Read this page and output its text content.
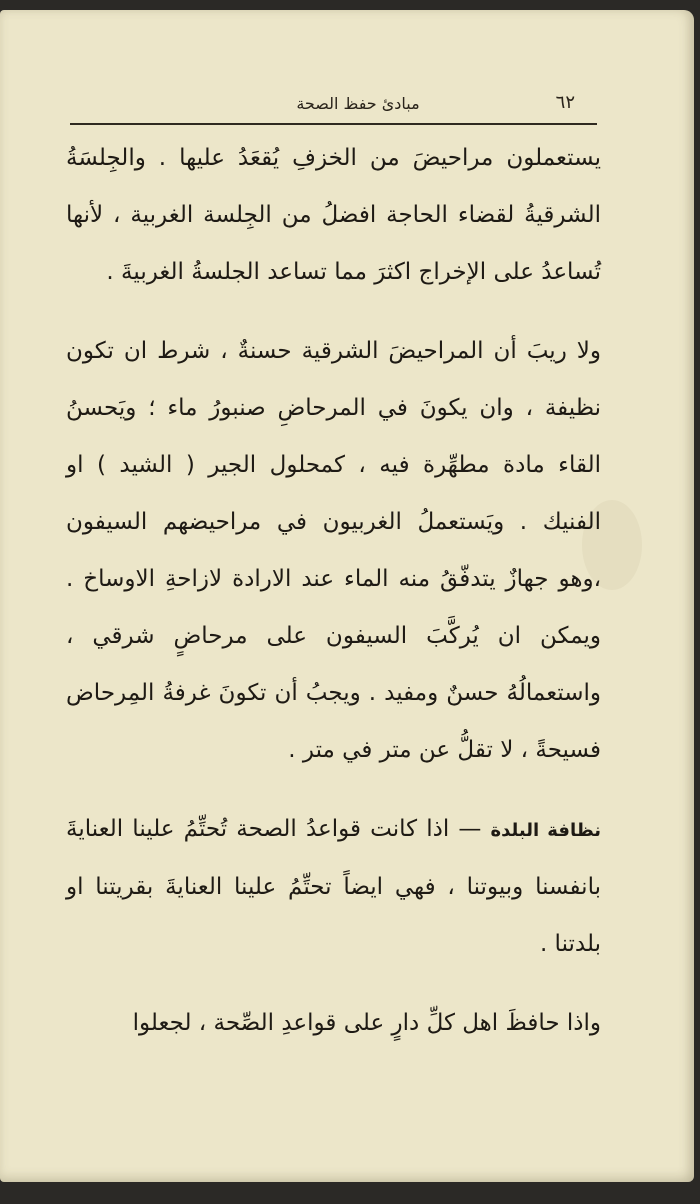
مبادئ حفظ الصحة	٦٢

يستعملون مراحيضَ من الخزفِ يُقعَدُ عليها . والجِلسَةُ الشرقيةُ لقضاء الحاجة افضلُ من الجِلسة الغربية ، لأنها تُساعدُ على الإخراج اكثرَ مما تساعد الجلسةُ الغربيةَ .

ولا ريبَ أن المراحيضَ الشرقية حسنةٌ ، شرط ان تكون نظيفة ، وان يكونَ في المرحاضِ صنبورُ ماء ؛ ويَحسنُ القاء مادة مطهِّرة فيه ، كمحلول الجير ( الشيد ) او الفنيك . ويَستعملُ الغربيون في مراحيضهم السيفون ،وهو جهازٌ يتدفّقُ منه الماء عند الارادة لازاحةِ الاوساخ . ويمكن ان يُركَّبَ السيفون على مرحاضٍ شرقي ، واستعمالُهُ حسنٌ ومفيد . ويجبُ أن تكونَ غرفةُ المِرحاض فسيحةً ، لا تقلُّ عن متر في متر .

نظافة البلدة — اذا كانت قواعدُ الصحة تُحتِّمُ علينا العنايةَ بانفسنا وبيوتنا ، فهي ايضاً تحتِّمُ علينا العنايةَ بقريتنا او بلدتنا .

واذا حافظَ اهل كلِّ دارٍ على قواعدِ الصِّحة ، لجعلوا
